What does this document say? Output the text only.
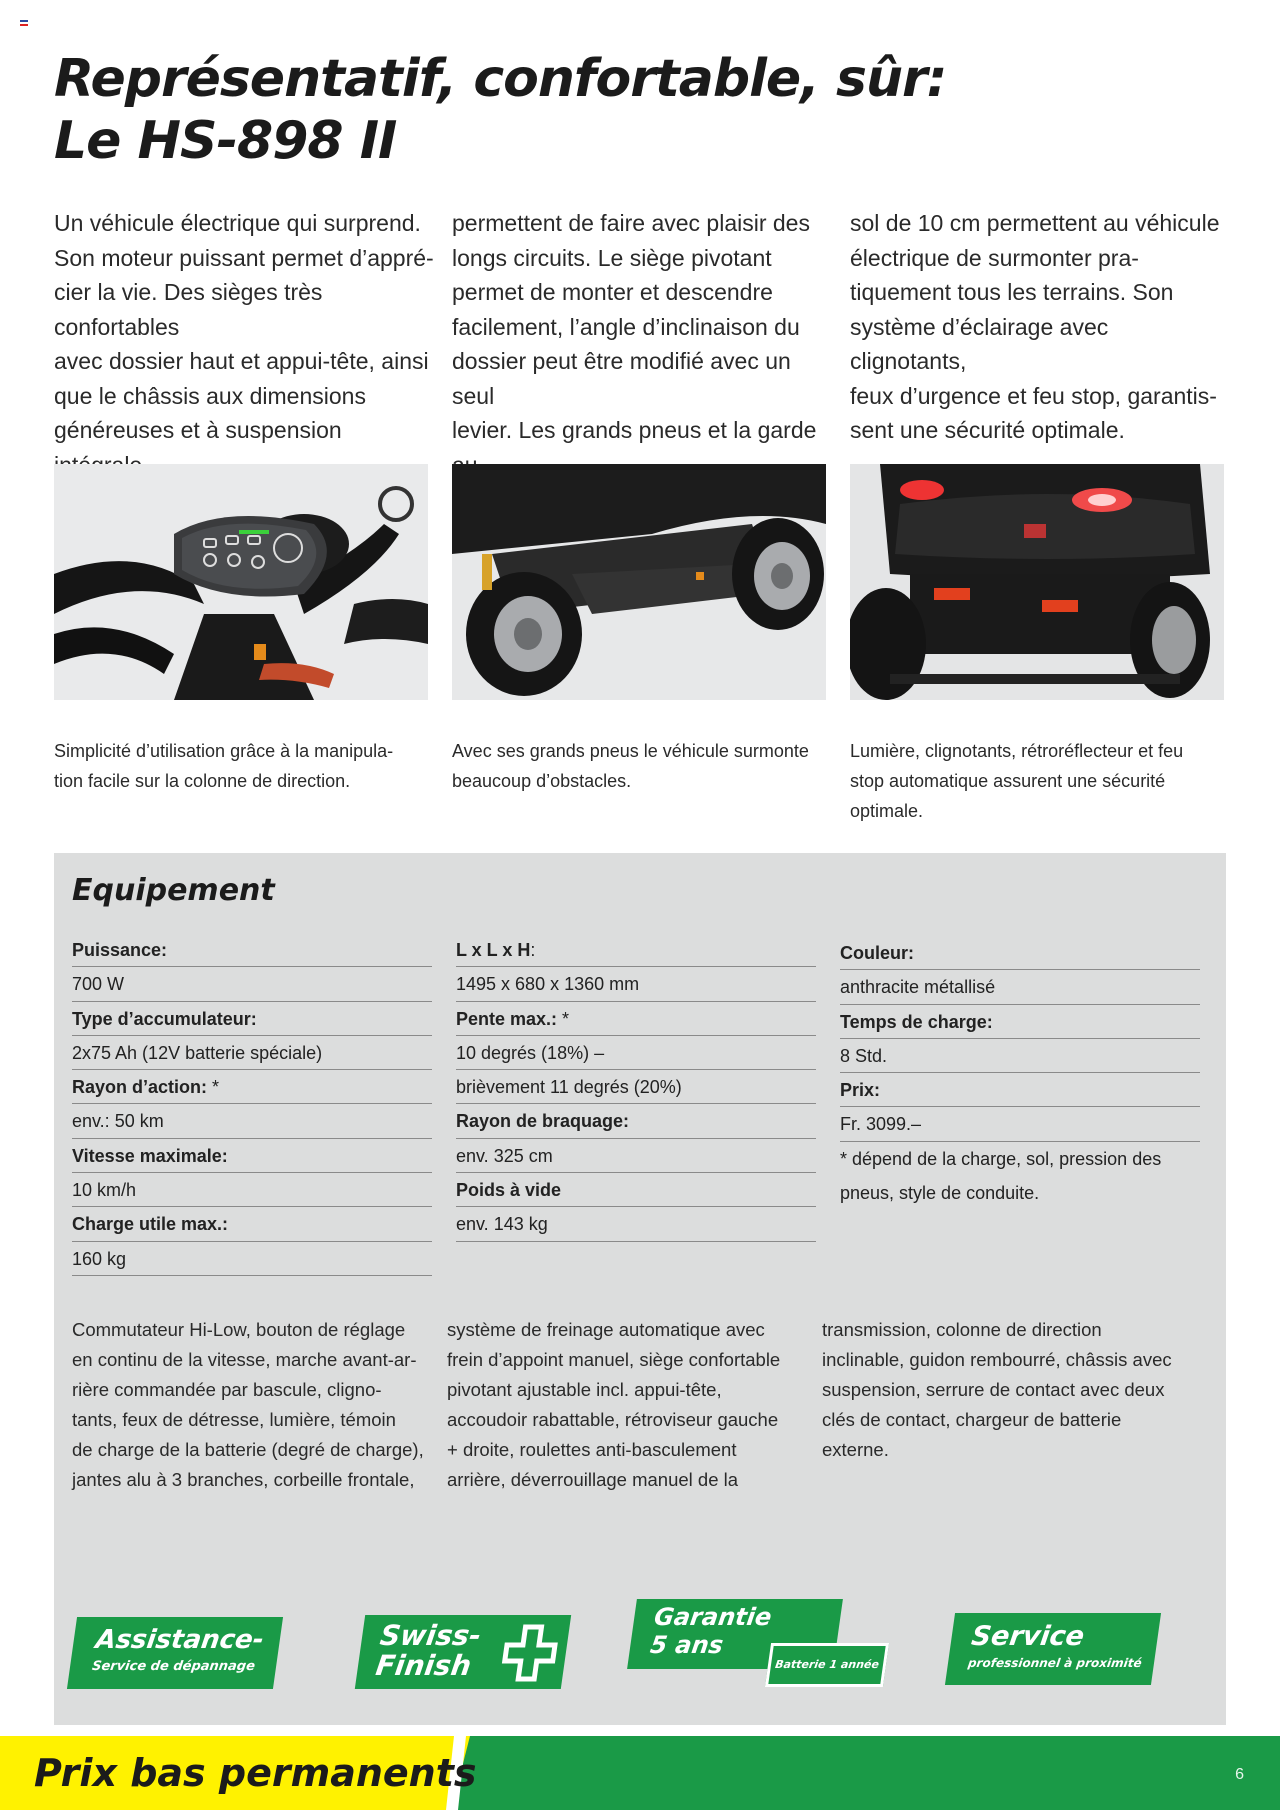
Représentatif, confortable, sûr:
Le HS-898 II
Un véhicule électrique qui surprend.
Son moteur puissant permet d’appré-
cier la vie. Des sièges très confortables
avec dossier haut et appui-tête, ainsi
que le châssis aux dimensions
généreuses et à suspension
permettent de faire avec plaisir des
longs circuits. Le siège pivotant
permet de monter et descendre
facilement, l’angle d’inclinaison du
dossier peut être modifié avec un seul
levier. Les grands pneus et la garde
sol de 10 cm permettent au véhicule
électrique de surmonter pra-
tiquement tous les terrains. Son
système d’éclairage avec clignotants,
feux d’urgence et feu stop, garantis-
sent une sécurité optimale.
Simplicité d’utilisation grâce à la manipula-
tion facile sur la colonne de direction.
Avec ses grands pneus le véhicule surmonte
beaucoup d’obstacles.
Lumière, clignotants, rétroréflecteur et feu
stop automatique assurent une sécurité
optimale.
Equipement
Puissance:
700 W
Type d’accumulateur:
2x75 Ah (12V batterie spéciale)
Rayon d’action: *
env.: 50 km
Vitesse maximale:
10 km/h
Charge utile max.:
160 kg
L x L x H:
1495 x 680 x 1360 mm
Pente max.: *
10 degrés (18%) –
brièvement 11 degrés (20%)
Rayon de braquage:
env. 325 cm
Poids à vide
env. 143 kg
Couleur:
anthracite métallisé
Temps de charge:
8 Std.
Prix:
Fr. 3099.–
* dépend de la charge, sol, pression des
pneus, style de conduite.
Commutateur Hi-Low, bouton de réglage
en continu de la vitesse, marche avant-ar-
rière commandée par bascule, cligno-
tants, feux de détresse, lumière, témoin
de charge de la batterie (degré de charge),
jantes alu à 3 branches, corbeille frontale,
système de freinage automatique avec
frein d’appoint manuel, siège confortable
pivotant ajustable incl. appui-tête,
accoudoir rabattable, rétroviseur gauche
+ droite, roulettes anti-basculement
arrière, déverrouillage manuel de la
transmission, colonne de direction
inclinable, guidon rembourré, châssis avec
suspension, serrure de contact avec deux
clés de contact, chargeur de batterie
externe.
Assistance-
Service de dépannage
Swiss-
Finish
Garantie
5 ans
Batterie 1 année
Service
professionnel à proximité
Prix bas permanents	6
